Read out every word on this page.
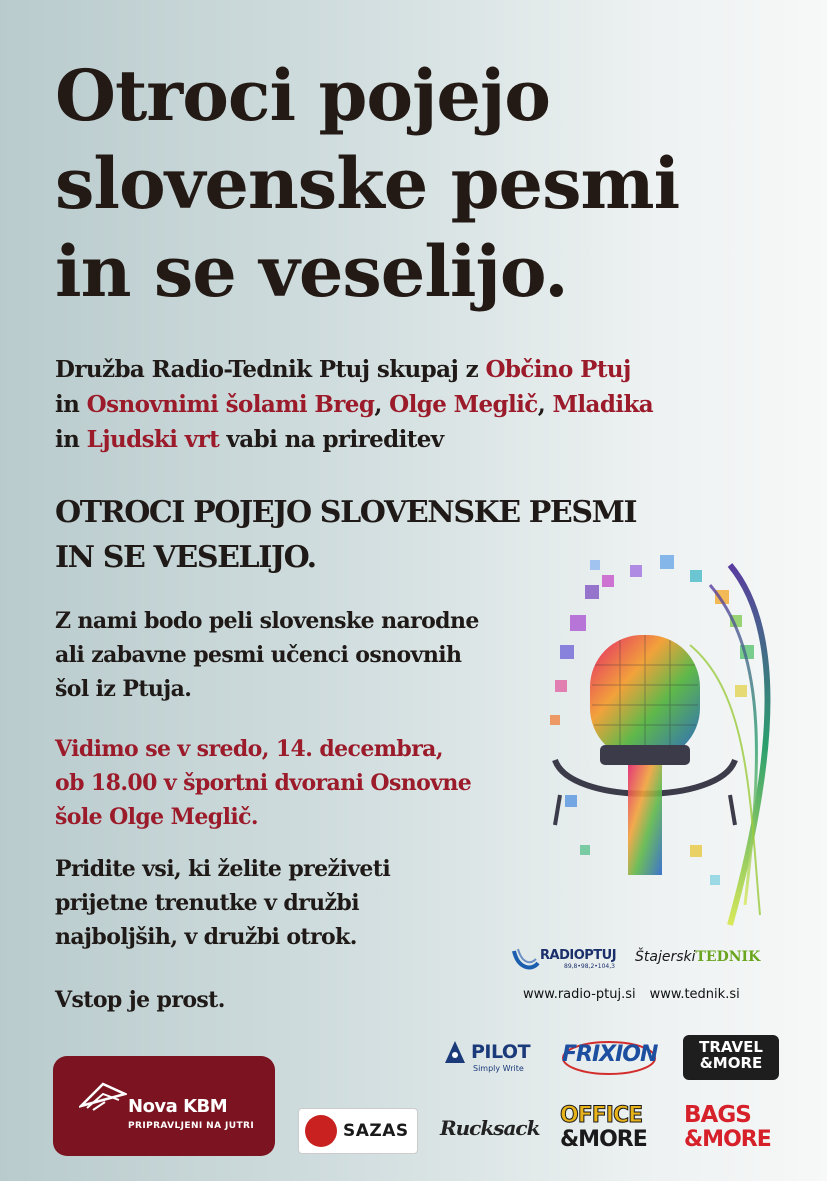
Otroci pojejo
slovenske pesmi
in se veselijo.
Družba Radio-Tednik Ptuj skupaj z Občino Ptuj
in Osnovnimi šolami Breg, Olge Meglič, Mladika
in Ljudski vrt vabi na prireditev
OTROCI POJEJO SLOVENSKE PESMI
IN SE VESELIJO.
Z nami bodo peli slovenske narodne
ali zabavne pesmi učenci osnovnih
šol iz Ptuja.
Vidimo se v sredo, 14. decembra,
ob 18.00 v športni dvorani Osnovne
šole Olge Meglič.
Pridite vsi, ki želite preživeti
prijetne trenutke v družbi
najboljših, v družbi otrok.
Vstop je prost.
RADIOPTUJ
89,8•98,2•104,3
ŠtajerskiTEDNIK
www.radio-ptuj.si www.tednik.si
Nova KBM
PRIPRAVLJENI NA JUTRI
PILOT
Simply Write
FRIXION	TRAVEL
&MORE
SAZAS Rucksack OFFICE
&MORE
BAGS
&MORE
